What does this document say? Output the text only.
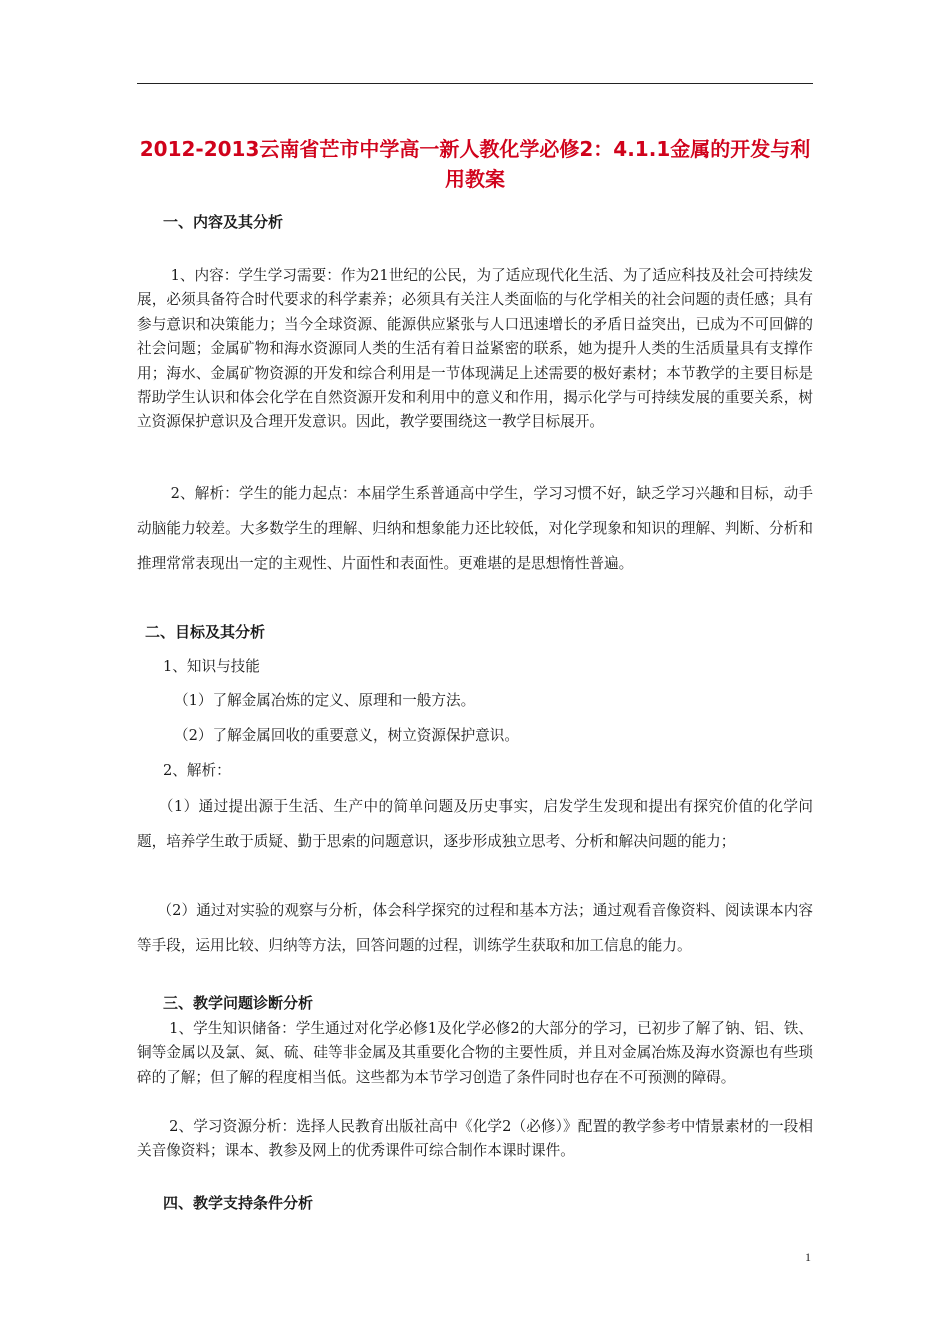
2012-2013云南省芒市中学高一新人教化学必修2：4.1.1金属的开发与利用教案
一、内容及其分析

1、内容：学生学习需要：作为21世纪的公民，为了适应现代化生活、为了适应科技及社会可持续发展，必须具备符合时代要求的科学素养；必须具有关注人类面临的与化学相关的社会问题的责任感；具有参与意识和决策能力；当今全球资源、能源供应紧张与人口迅速增长的矛盾日益突出，已成为不可回僻的社会问题；金属矿物和海水资源同人类的生活有着日益紧密的联系，她为提升人类的生活质量具有支撑作用；海水、金属矿物资源的开发和综合利用是一节体现满足上述需要的极好素材；本节教学的主要目标是帮助学生认识和体会化学在自然资源开发和利用中的意义和作用，揭示化学与可持续发展的重要关系，树立资源保护意识及合理开发意识。因此，教学要围绕这一教学目标展开。

2、解析：学生的能力起点：本届学生系普通高中学生，学习习惯不好，缺乏学习兴趣和目标，动手动脑能力较差。大多数学生的理解、归纳和想象能力还比较低，对化学现象和知识的理解、判断、分析和推理常常表现出一定的主观性、片面性和表面性。更难堪的是思想惰性普遍。

二、目标及其分析
1、知识与技能
（1）了解金属冶炼的定义、原理和一般方法。
（2）了解金属回收的重要意义，树立资源保护意识。
2、解析：

（1）通过提出源于生活、生产中的简单问题及历史事实，启发学生发现和提出有探究价值的化学问题，培养学生敢于质疑、勤于思索的问题意识，逐步形成独立思考、分析和解决问题的能力；

（2）通过对实验的观察与分析，体会科学探究的过程和基本方法；通过观看音像资料、阅读课本内容等手段，运用比较、归纳等方法，回答问题的过程，训练学生获取和加工信息的能力。

三、教学问题诊断分析

1、学生知识储备：学生通过对化学必修1及化学必修2的大部分的学习，已初步了解了钠、铝、铁、铜等金属以及氯、氮、硫、硅等非金属及其重要化合物的主要性质，并且对金属冶炼及海水资源也有些琐碎的了解；但了解的程度相当低。这些都为本节学习创造了条件同时也存在不可预测的障碍。

2、学习资源分析：选择人民教育出版社高中《化学2（必修）》配置的教学参考中情景素材的一段相关音像资料；课本、教参及网上的优秀课件可综合制作本课时课件。

四、教学支持条件分析
1
